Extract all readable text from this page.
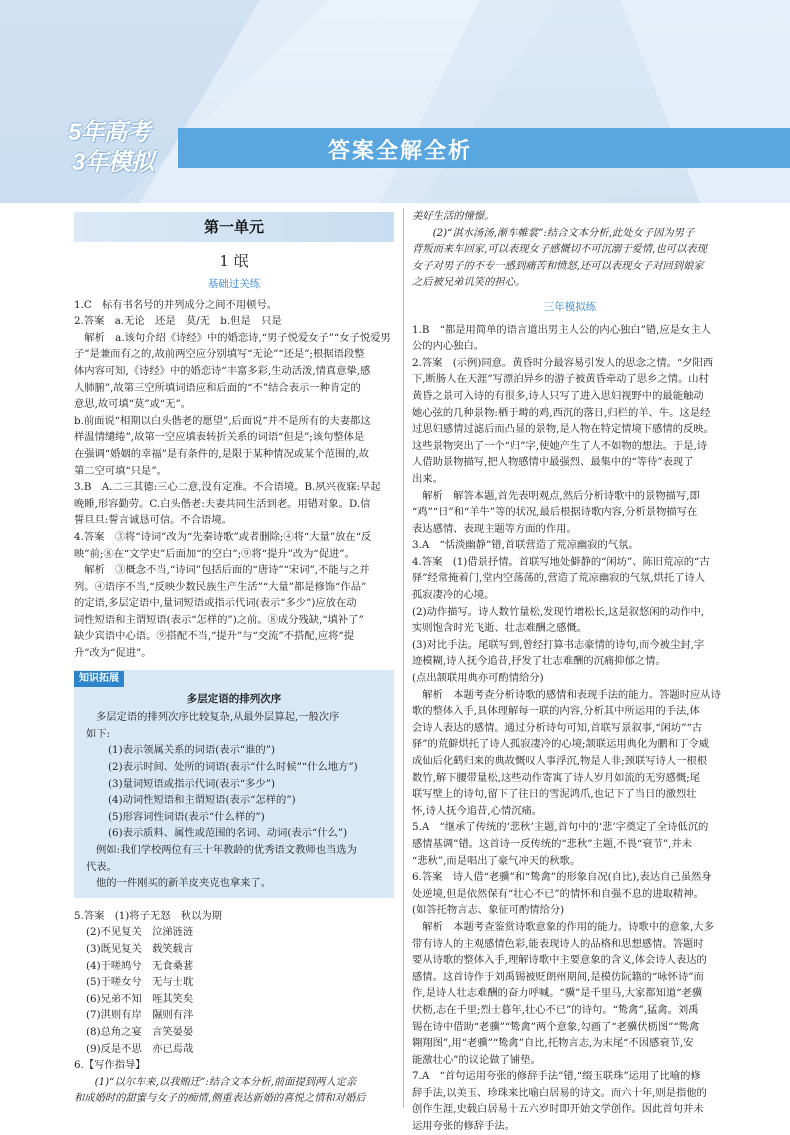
5年高考
3年模拟	答案全解全析
第一单元
1 氓
基础过关练

1.C　标有书名号的并列成分之间不用顿号。

2.答案　a.无论　还是　莫/无　b.但是　只是

　解析　a.该句介绍《诗经》中的婚恋诗,“男子悦爱女子”“女子悦爱男

子”是兼而有之的,故前两空应分别填写“无论”“还是”;根据语段整

体内容可知,《诗经》中的婚恋诗“丰富多彩,生动活泼,情真意挚,感

人肺腑”,故第三空所填词语应和后面的“不”结合表示一种肯定的

意思,故可填“莫”或“无”。

b.前面说“相期以白头偕老的愿望”,后面说“并不是所有的夫妻都这

样温情缱绻”,故第一空应填表转折关系的词语“但是”;该句整体是

在强调“婚姻的幸福”是有条件的,是限于某种情况或某个范围的,故

第二空可填“只是”。

3.B　A.二三其德:三心二意,没有定准。不合语境。B.夙兴夜寐:早起

晚睡,形容勤劳。C.白头偕老:夫妻共同生活到老。用错对象。D.信

誓旦旦:誓言诚恳可信。不合语境。

4.答案　③将“诗词”改为“先秦诗歌”或者删除;④将“大量”放在“反

映”前;⑧在“文学史”后面加“的空白”;⑨将“提升”改为“促进”。

　解析　③概念不当,“诗词”包括后面的“唐诗”“宋词”,不能与之并

列。④语序不当,“反映少数民族生产生活”“大量”都是修饰“作品”

的定语,多层定语中,量词短语或指示代词(表示“多少”)应放在动

词性短语和主谓短语(表示“怎样的”)之前。⑧成分残缺,“填补了”

缺少宾语中心语。⑨搭配不当,“提升”与“交流”不搭配,应将“提

升”改为“促进”。

知识拓展
多层定语的排列次序

多层定语的排列次序比较复杂,从最外层算起,一般次序

如下:

(1)表示领属关系的词语(表示“谁的”)

(2)表示时间、处所的词语(表示“什么时候”“什么地方”)

(3)量词短语或指示代词(表示“多少”)

(4)动词性短语和主谓短语(表示“怎样的”)

(5)形容词性词语(表示“什么样的”)

(6)表示质料、属性或范围的名词、动词(表示“什么”)

例如:我们学校两位有三十年教龄的优秀语文教师也当选为

代表。

他的一件刚买的新羊皮夹克也拿来了。

5.答案　(1)将子无怒　秋以为期

(2)不见复关　泣涕涟涟

(3)既见复关　载笑载言

(4)于嗟鸠兮　无食桑葚

(5)于嗟女兮　无与士耽

(6)兄弟不知　咥其笑矣

(7)淇则有岸　隰则有泮

(8)总角之宴　言笑晏晏

(9)反是不思　亦已焉哉

6.【写作指导】

　　(1)“以尔车来,以我贿迁”:结合文本分析,前面提到两人定亲

和成婚时的甜蜜与女子的痴情,侧重表达新婚的喜悦之情和对婚后

美好生活的憧憬。

　　(2)“淇水汤汤,渐车帷裳”:结合文本分析,此处女子因为男子

背叛而来车回家,可以表现女子感慨切不可沉溺于爱情,也可以表现

女子对男子的不专一感到痛苦和愤怒,还可以表现女子对回到娘家

之后被兄弟讥笑的担心。

三年模拟练

1.B　“都是用简单的语言道出男主人公的内心独白”错,应是女主人

公的内心独白。

2.答案　(示例)同意。黄昏时分最容易引发人的思念之情。“夕阳西

下,断肠人在天涯”写漂泊异乡的游子被黄昏牵动了思乡之情。山村

黄昏之景可入诗的有很多,诗人只写了进入思妇视野中的最能触动

她心弦的几种景物:栖于塒的鸡,西沉的落日,归栏的羊、牛。这是经

过思妇感情过滤后而凸显的景物,是人物在特定情境下感情的反映。

这些景物突出了一个“归”字,使她产生了人不如物的想法。于是,诗

人借助景物描写,把人物感情中最强烈、最集中的“等待”表现了

出来。

　解析　解答本题,首先表明观点,然后分析诗歌中的景物描写,即

“鸡”“日”和“羊牛”等的状况,最后根据诗歌内容,分析景物描写在

表达感情、表现主题等方面的作用。

3.A　“恬淡幽静”错,首联营造了荒凉幽寂的气氛。

4.答案　(1)借景抒情。首联写地处僻静的“闲坊”、陈旧荒凉的“古

驿”经常掩着门,堂内空荡荡的,营造了荒凉幽寂的气氛,烘托了诗人

孤寂凄冷的心境。

(2)动作描写。诗人数竹量松,发现竹增松长,这是叙悠闲的动作中,

实则饱含时光飞逝、壮志难酬之感慨。

(3)对比手法。尾联写到,曾经打算书志豪情的诗句,而今被尘封,字

迹模糊,诗人抚今追昔,抒发了壮志难酬的沉痛抑郁之情。

(点出颔联用典亦可酌情给分)

　解析　本题考查分析诗歌的感情和表现手法的能力。答题时应从诗

歌的整体入手,具体理解每一联的内容,分析其中所运用的手法,体

会诗人表达的感情。通过分析诗句可知,首联写景叙事,“闲坊”“古

驿”的荒僻烘托了诗人孤寂凄冷的心境;颔联运用典化为鹏和丁令威

成仙后化鹤归来的典故慨叹人事浮沉,物是人非;颈联写诗人一根根

数竹,解下腰带量松,这些动作寄寓了诗人岁月如流的无穷感慨;尾

联写壁上的诗句,留下了往日的雪泥鸿爪,也记下了当日的激烈壮

怀,诗人抚今追昔,心情沉痛。

5.A　“继承了传统的‘悲秋’主题,首句中的‘悲’字奠定了全诗低沉的

感情基调”错。这首诗一反传统的“悲秋”主题,不畏“衰节”,并未

“悲秋”,而是唱出了豪气冲天的秋歌。

6.答案　诗人借“老骥”和“鸷禽”的形象自况(自比),表达自己虽然身

处逆境,但是依然保有“壮心不已”的情怀和自强不息的进取精神。

(如答托物言志、象征可酌情给分)

　解析　本题考查鉴赏诗歌意象的作用的能力。诗歌中的意象,大多

带有诗人的主观感情色彩,能表现诗人的品格和思想感情。答题时

要从诗歌的整体入手,理解诗歌中主要意象的含义,体会诗人表达的

感情。这首诗作于刘禹锡被贬朗州期间,是模仿阮籍的“咏怀诗”而

作,是诗人壮志难酬的奋力呼喊。“骥”是千里马,大家都知道“老骥

伏枥,志在千里;烈士暮年,壮心不已”的诗句。“鸷禽”,猛禽。刘禹

锡在诗中借助“老骥”“鸷禽”两个意象,勾画了“老骥伏枥图”“鸷禽

翱翔图”,用“老骥”“鸷禽”自比,托物言志,为末尾“不因感衰节,安

能激壮心”的议论做了铺垫。

7.A　“首句运用夸张的修辞手法”错,“缀玉联珠”运用了比喻的修

辞手法,以美玉、珍珠来比喻白居易的诗文。而六十年,则是指他的

创作生涯,史载白居易十五六岁时即开始文学创作。因此首句并未

运用夸张的修辞手法。
